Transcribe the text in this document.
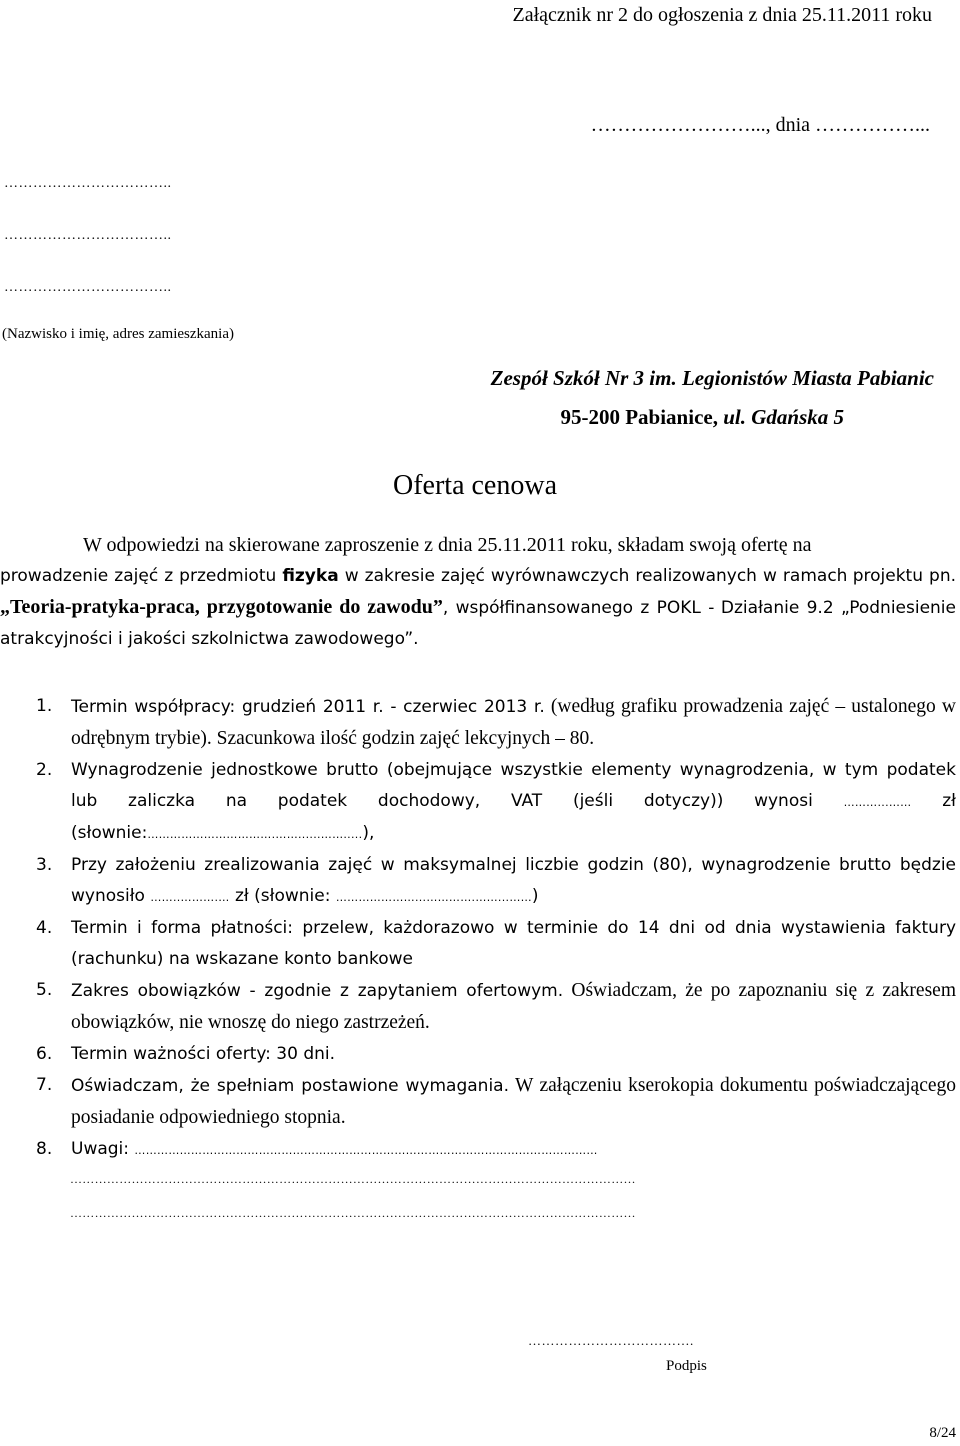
Załącznik nr 2 do ogłoszenia z dnia 25.11.2011 roku
……………………..., dnia ……………...
……………………………..
……………………………..
……………………………..
(Nazwisko i imię, adres zamieszkania)
Zespół Szkół Nr 3 im. Legionistów Miasta Pabianic
95-200 Pabianice, ul. Gdańska 5
Oferta cenowa
W odpowiedzi na skierowane zaproszenie z dnia 25.11.2011 roku, składam swoją ofertę na
prowadzenie zajęć z przedmiotu fizyka w zakresie zajęć wyrównawczych realizowanych w ramach projektu pn. „Teoria-pratyka-praca, przygotowanie do zawodu”, współfinansowanego z POKL - Działanie 9.2 „Podniesienie atrakcyjności i jakości szkolnictwa zawodowego”.
1. Termin współpracy: grudzień 2011 r. - czerwiec 2013 r. (według grafiku prowadzenia zajęć – ustalonego w odrębnym trybie). Szacunkowa ilość godzin zajęć lekcyjnych – 80.
2. Wynagrodzenie jednostkowe brutto (obejmujące wszystkie elementy wynagrodzenia, w tym podatek lub zaliczka na podatek dochodowy, VAT (jeśli dotyczy)) wynosi ………...…… zł (słownie:…………………………….……......…….....),
3. Przy założeniu zrealizowania zajęć w maksymalnej liczbie godzin (80), wynagrodzenie brutto będzie wynosiło ……..……….… zł (słownie: …………………...………….……...……)
4. Termin i forma płatności: przelew, każdorazowo w terminie do 14 dni od dnia wystawienia faktury (rachunku) na wskazane konto bankowe
5. Zakres obowiązków - zgodnie z zapytaniem ofertowym. Oświadczam, że po zapoznaniu się z zakresem obowiązków, nie wnoszę do niego zastrzeżeń.
6. Termin ważności oferty: 30 dni.
7. Oświadczam, że spełniam postawione wymagania. W załączeniu kserokopia dokumentu poświadczającego posiadanie odpowiedniego stopnia.
8. Uwagi: ……………………………………………………………………………………………………………
…………………………………………………………………………………………………………………………
…………………………………………………………………………………………………………………………
……………………………….
Podpis
8/24
